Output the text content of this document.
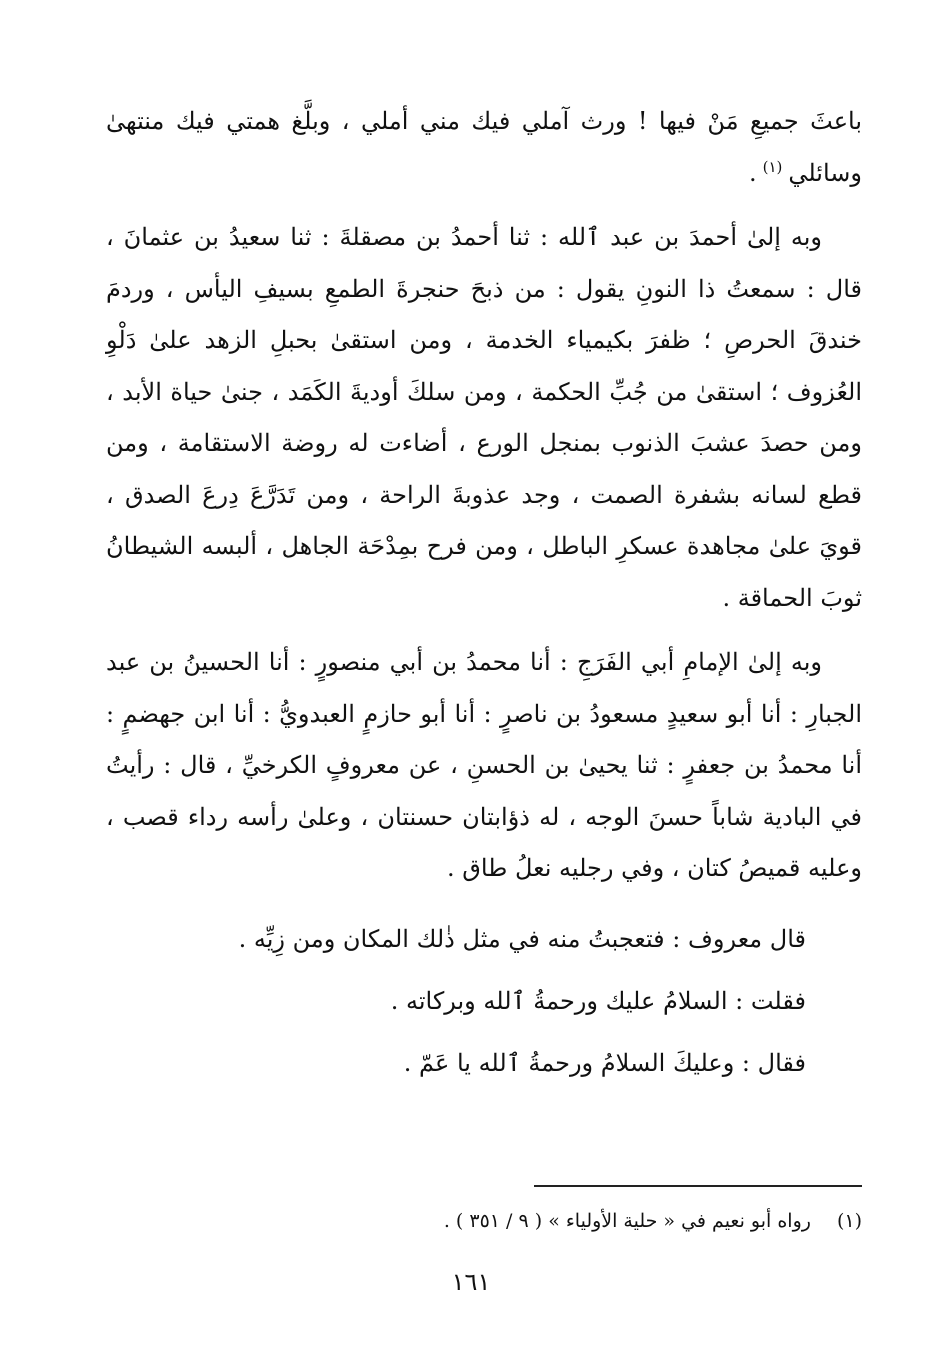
باعثَ جميعِ مَنْ فيها ! ورث آملي فيك مني أملي ، وبلَّغ همتي فيك منتهىٰ وسائلي$^{(١)}$.

وبه إلىٰ أحمدَ بن عبد ٱلله : ثنا أحمدُ بن مصقلةَ : ثنا سعيدُ بن عثمانَ ، قال : سمعتُ ذا النونِ يقول : من ذبحَ حنجرةَ الطمعِ بسيفِ اليأس ، وردمَ خندقَ الحرصِ ؛ ظفرَ بكيمياء الخدمة ، ومن استقىٰ بحبلِ الزهد علىٰ دَلْوِ العُزوف ؛ استقىٰ من جُبِّ الحكمة ، ومن سلكَ أوديةَ الكَمَد ، جنىٰ حياة الأبد ، ومن حصدَ عشبَ الذنوب بمنجل الورع ، أضاءت له روضة الاستقامة ، ومن قطع لسانه بشفرة الصمت ، وجد عذوبةَ الراحة ، ومن تَدَرَّعَ دِرعَ الصدق ، قويَ علىٰ مجاهدة عسكرِ الباطل ، ومن فرح بمِدْحَة الجاهل ، ألبسه الشيطانُ ثوبَ الحماقة .

وبه إلىٰ الإمامِ أبي الفَرَجِ : أنا محمدُ بن أبي منصورٍ : أنا الحسينُ بن عبد الجبارِ : أنا أبو سعيدٍ مسعودُ بن ناصرٍ : أنا أبو حازمٍ العبدويُّ : أنا ابن جهضمٍ : أنا محمدُ بن جعفرٍ : ثنا يحيىٰ بن الحسنِ ، عن معروفٍ الكرخيِّ ، قال : رأيتُ في البادية شاباً حسنَ الوجه ، له ذؤابتان حسنتان ، وعلىٰ رأسه رداء قصب ، وعليه قميصُ كتان ، وفي رجليه نعلُ طاق .

قال معروف : فتعجبتُ منه في مثل ذٰلك المكان ومن زِيِّه .

فقلت : السلامُ عليك ورحمةُ ٱلله وبركاته .

فقال : وعليكَ السلامُ ورحمةُ ٱلله يا عَمّ .

(١)رواه أبو نعيم في « حلية الأولياء » ( ٩ / ٣٥١ ) .
١٦١
